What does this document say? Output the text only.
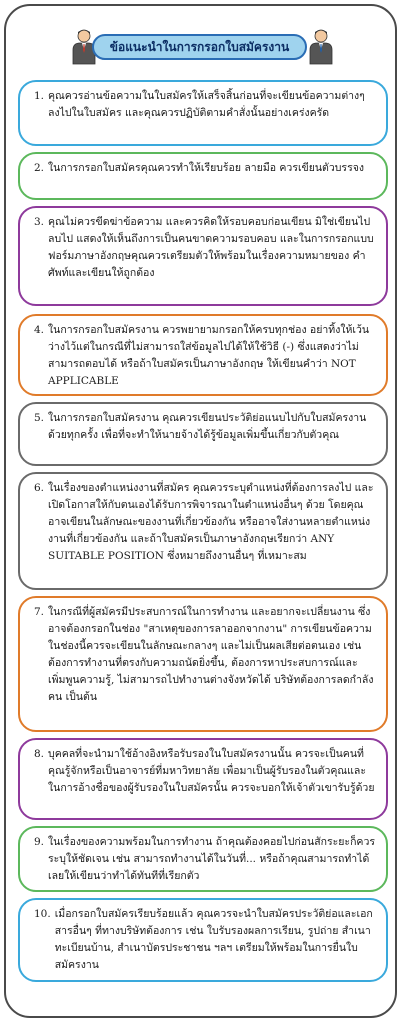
ข้อแนะนำในการกรอกใบสมัครงาน
1. คุณควรอ่านข้อความในใบสมัครให้เสร็จสิ้นก่อนที่จะเขียนข้อความต่างๆ ลงไปในใบสมัคร และคุณควรปฏิบัติตามคำสั่งนั้นอย่างเคร่งครัด
2. ในการกรอกใบสมัครคุณควรทำให้เรียบร้อย ลายมือ ควรเขียนตัวบรรจง
3. คุณไม่ควรขีดฆ่าข้อความ และควรคิดให้รอบคอบก่อนเขียน มิใช่เขียนไปลบไป แสดงให้เห็นถึงการเป็นคนขาดความรอบคอบ และในการกรอกแบบฟอร์มภาษาอังกฤษคุณควรเตรียมตัวให้พร้อมในเรื่องความหมายของ คำศัพท์และเขียนให้ถูกต้อง
4. ในการกรอกใบสมัครงาน ควรพยายามกรอกให้ครบทุกช่อง อย่าทิ้งให้เว้นว่างไว้แต่ในกรณีที่ไม่สามารถใส่ข้อมูลไปได้ให้ใช้วิธี (-) ซึ่งแสดงว่าไม่สามารถตอบได้ หรือถ้าใบสมัครเป็นภาษาอังกฤษ ให้เขียนคำว่า NOT APPLICABLE
5. ในการกรอกใบสมัครงาน คุณควรเขียนประวัติย่อแนบไปกับใบสมัครงานด้วยทุกครั้ง เพื่อที่จะทำให้นายจ้างได้รู้ข้อมูลเพิ่มขึ้นเกี่ยวกับตัวคุณ
6. ในเรื่องของตำแหน่งงานที่สมัคร คุณควรระบุตำแหน่งที่ต้องการลงไป และเปิดโอกาสให้กับตนเองได้รับการพิจารณาในตำแหน่งอื่นๆ ด้วย โดยคุณอาจเขียนในลักษณะของงานที่เกี่ยวข้องกัน หรืออาจใส่งานหลายตำแหน่งงานที่เกี่ยวข้องกัน และถ้าใบสมัครเป็นภาษาอังกฤษเรียกว่า ANY SUITABLE POSITION ซึ่งหมายถึงงานอื่นๆ ที่เหมาะสม
7. ในกรณีที่ผู้สมัครมีประสบการณ์ในการทำงาน และอยากจะเปลี่ยนงาน ซึ่งอาจต้องกรอกในช่อง "สาเหตุของการลาออกจากงาน" การเขียนข้อความในช่องนี้ควรจะเขียนในลักษณะกลางๆ และไม่เป็นผลเสียต่อตนเอง เช่น ต้องการทำงานที่ตรงกับความถนัดยิ่งขึ้น, ต้องการหาประสบการณ์และเพิ่มพูนความรู้, ไม่สามารถไปทำงานต่างจังหวัดได้ บริษัทต้องการลดกำลังคน เป็นต้น
8. บุคคลที่จะนำมาใช้อ้างอิงหรือรับรองในใบสมัครงานนั้น ควรจะเป็นคนที่คุณรู้จักหรือเป็นอาจารย์ที่มหาวิทยาลัย เพื่อมาเป็นผู้รับรองในตัวคุณและในการอ้างชื่อของผู้รับรองในใบสมัครนั้น ควรจะบอกให้เจ้าตัวเขารับรู้ด้วย
9. ในเรื่องของความพร้อมในการทำงาน ถ้าคุณต้องคอยไปก่อนสักระยะก็ควรระบุให้ชัดเจน เช่น สามารถทำงานได้ในวันที่... หรือถ้าคุณสามารถทำได้เลยให้เขียนว่าทำได้ทันทีที่เรียกตัว
10. เมื่อกรอกใบสมัครเรียบร้อยแล้ว คุณควรจะนำใบสมัครประวัติย่อและเอกสารอื่นๆ ที่ทางบริษัทต้องการ เช่น ใบรับรองผลการเรียน, รูปถ่าย สำเนาทะเบียนบ้าน, สำเนาบัตรประชาชน ฯลฯ เตรียมให้พร้อมในการยื่นใบสมัครงาน
